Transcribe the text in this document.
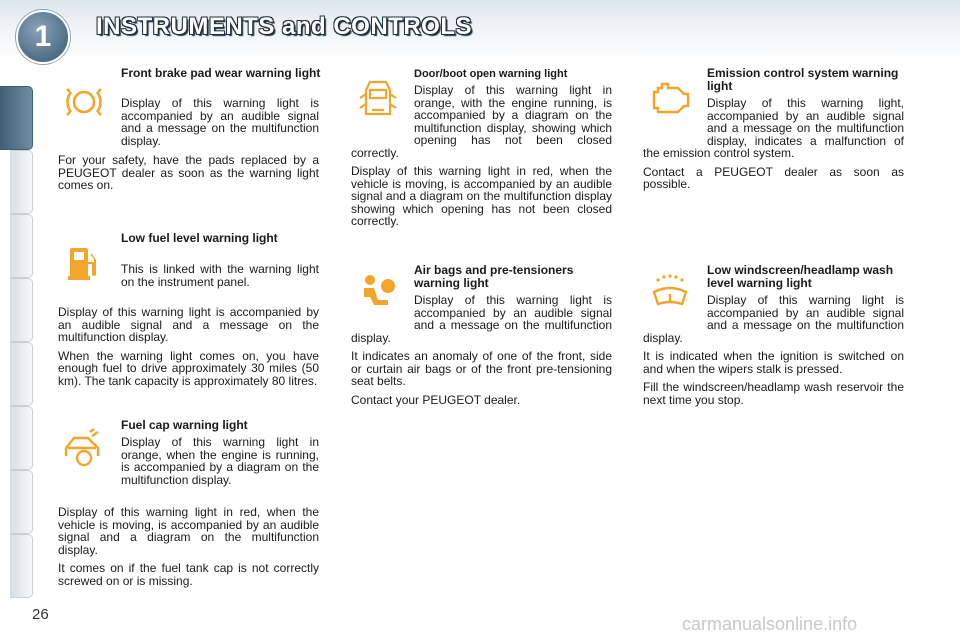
1	INSTRUMENTS and CONTROLS
Front brake pad wear warning light

Display of this warning light is accompanied by an audible signal and a message on the multifunction display.

For your safety, have the pads replaced by a PEUGEOT dealer as soon as the warning light comes on.

Low fuel level warning light

This is linked with the warning light on the instrument panel.

Display of this warning light is accompanied by an audible signal and a message on the multifunction display.

When the warning light comes on, you have enough fuel to drive approximately 30 miles (50 km). The tank capacity is approximately 80 litres.

Fuel cap warning light

Display of this warning light in orange, when the engine is running, is accompanied by a diagram on the multifunction display.

Display of this warning light in red, when the vehicle is moving, is accompanied by an audible signal and a diagram on the multifunction display.

It comes on if the fuel tank cap is not correctly screwed on or is missing.

Door/boot open warning light

Display of this warning light in orange, with the engine running, is accompanied by a diagram on the multifunction display, showing which opening has not been closed correctly.

Display of this warning light in red, when the vehicle is moving, is accompanied by an audible signal and a diagram on the multifunction display showing which opening has not been closed correctly.

Air bags and pre-tensioners warning light

Display of this warning light is accompanied by an audible signal and a message on the multifunction display.

It indicates an anomaly of one of the front, side or curtain air bags or of the front pre-tensioning seat belts.

Contact your PEUGEOT dealer.

Emission control system warning light

Display of this warning light, accompanied by an audible signal and a message on the multifunction display, indicates a malfunction of the emission control system.

Contact a PEUGEOT dealer as soon as possible.

Low windscreen/headlamp wash level warning light

Display of this warning light is accompanied by an audible signal and a message on the multifunction display.

It is indicated when the ignition is switched on and when the wipers stalk is pressed.

Fill the windscreen/headlamp wash reservoir the next time you stop.

26	carmanualsonline.info
